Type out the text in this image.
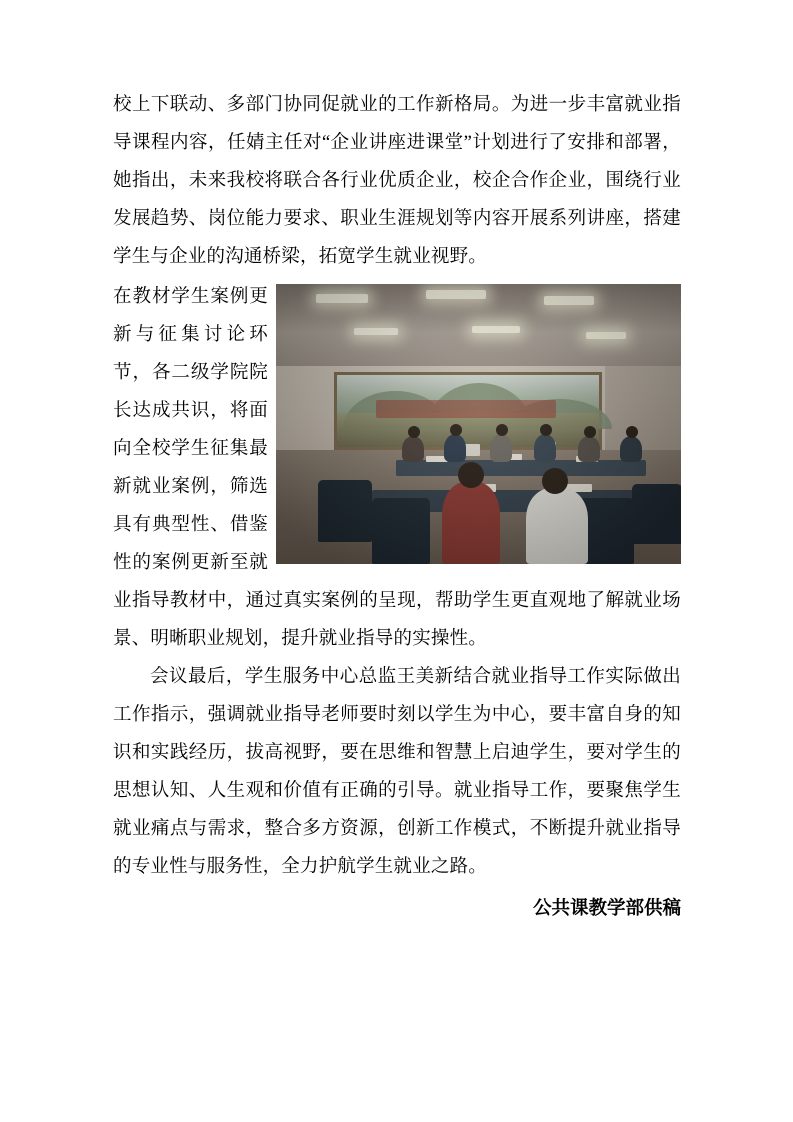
校上下联动、多部门协同促就业的工作新格局。为进一步丰富就业指导课程内容，任婧主任对“企业讲座进课堂”计划进行了安排和部署，她指出，未来我校将联合各行业优质企业，校企合作企业，围绕行业发展趋势、岗位能力要求、职业生涯规划等内容开展系列讲座，搭建学生与企业的沟通桥梁，拓宽学生就业视野。

在教材学生案例更新与征集讨论环节，各二级学院院长达成共识，将面向全校学生征集最新就业案例，筛选具有典型性、借鉴性的案例更新至就业指导教材中，通过真实案例的呈现，帮助学生更直观地了解就业场景、明晰职业规划，提升就业指导的实操性。

会议最后，学生服务中心总监王美新结合就业指导工作实际做出工作指示，强调就业指导老师要时刻以学生为中心，要丰富自身的知识和实践经历，拔高视野，要在思维和智慧上启迪学生，要对学生的思想认知、人生观和价值有正确的引导。就业指导工作，要聚焦学生就业痛点与需求，整合多方资源，创新工作模式，不断提升就业指导的专业性与服务性，全力护航学生就业之路。

公共课教学部供稿
